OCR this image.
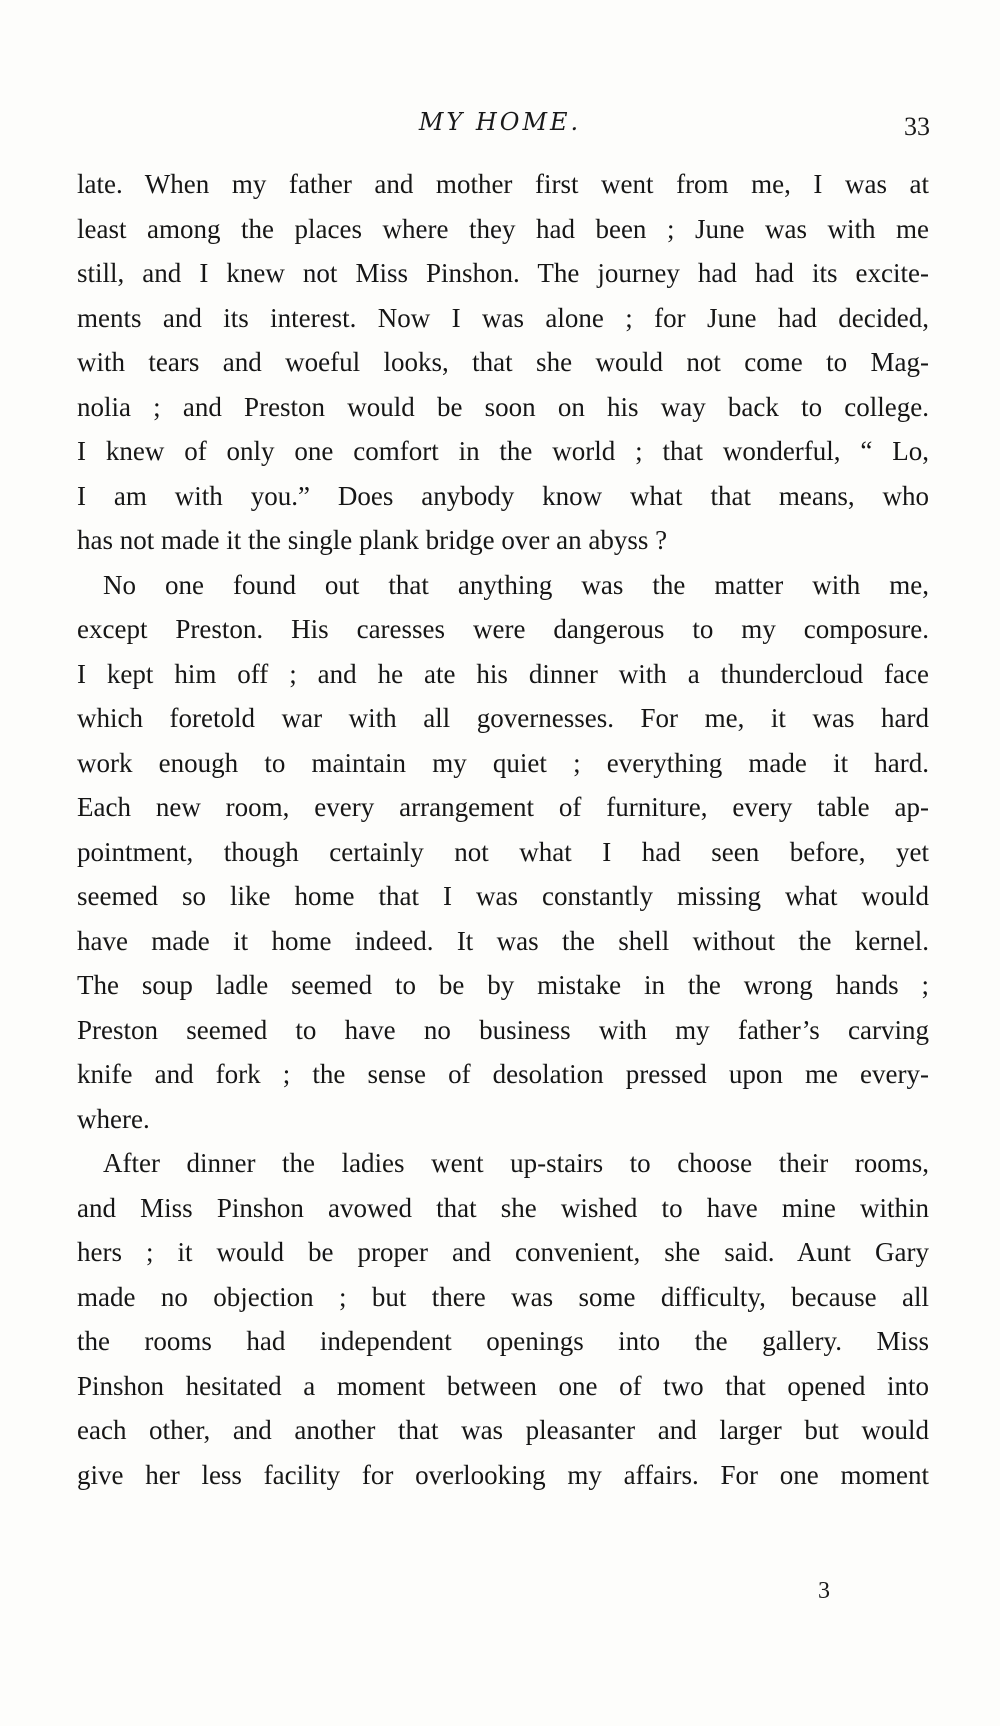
MY HOME.	33
late. When my father and mother first went from me, I was at
least among the places where they had been ; June was with me
still, and I knew not Miss Pinshon. The journey had had its excite-
ments and its interest. Now I was alone ; for June had decided,
with tears and woeful looks, that she would not come to Mag-
nolia ; and Preston would be soon on his way back to college.
I knew of only one comfort in the world ; that wonderful, “ Lo,
I am with you.” Does anybody know what that means, who
has not made it the single plank bridge over an abyss ?
No one found out that anything was the matter with me,
except Preston. His caresses were dangerous to my composure.
I kept him off ; and he ate his dinner with a thundercloud face
which foretold war with all governesses. For me, it was hard
work enough to maintain my quiet ; everything made it hard.
Each new room, every arrangement of furniture, every table ap-
pointment, though certainly not what I had seen before, yet
seemed so like home that I was constantly missing what would
have made it home indeed. It was the shell without the kernel.
The soup ladle seemed to be by mistake in the wrong hands ;
Preston seemed to have no business with my father’s carving
knife and fork ; the sense of desolation pressed upon me every-
where.
After dinner the ladies went up-stairs to choose their rooms,
and Miss Pinshon avowed that she wished to have mine within
hers ; it would be proper and convenient, she said. Aunt Gary
made no objection ; but there was some difficulty, because all
the rooms had independent openings into the gallery. Miss
Pinshon hesitated a moment between one of two that opened into
each other, and another that was pleasanter and larger but would
give her less facility for overlooking my affairs. For one moment
3
